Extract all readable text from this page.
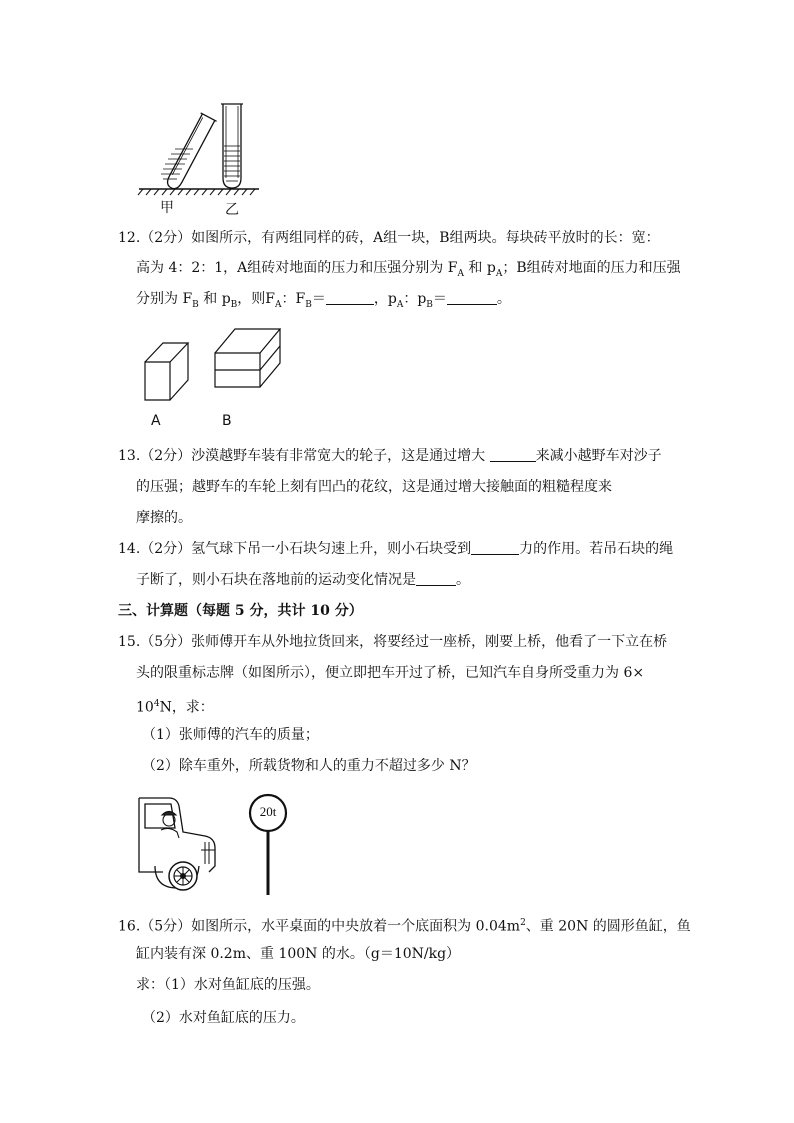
甲	乙
12.（2分）如图所示，有两组同样的砖，A组一块，B组两块。每块砖平放时的长：宽：
高为 4：2：1，A组砖对地面的压力和压强分别为 $F_A$ 和 $p_A$；B组砖对地面的压力和压强
分别为 $F_B$ 和 $p_B$，则$F_A$：$F_B=$	，$p_A$：$p_B=$	。
A	B
13.（2分）沙漠越野车装有非常宽大的轮子，这是通过增大	来减小越野车对沙子
的压强；越野车的车轮上刻有凹凸的花纹，这是通过增大接触面的粗糙程度来
摩擦的。
14.（2分）氢气球下吊一小石块匀速上升，则小石块受到	力的作用。若吊石块的绳
子断了，则小石块在落地前的运动变化情况是	。
三、计算题（每题 5 分，共计 10 分）
15.（5分）张师傅开车从外地拉货回来，将要经过一座桥，刚要上桥，他看了一下立在桥
头的限重标志牌（如图所示），便立即把车开过了桥，已知汽车自身所受重力为 6×
$10^4N$，求：
（1）张师傅的汽车的质量；
（2）除车重外，所载货物和人的重力不超过多少 N？
20t
16.（5分）如图所示，水平桌面的中央放着一个底面积为 $0.04m^2$、重 20N 的圆形鱼缸，鱼
缸内装有深 0.2m、重 100N 的水。（g＝10N/kg）
求：（1）水对鱼缸底的压强。
（2）水对鱼缸底的压力。
